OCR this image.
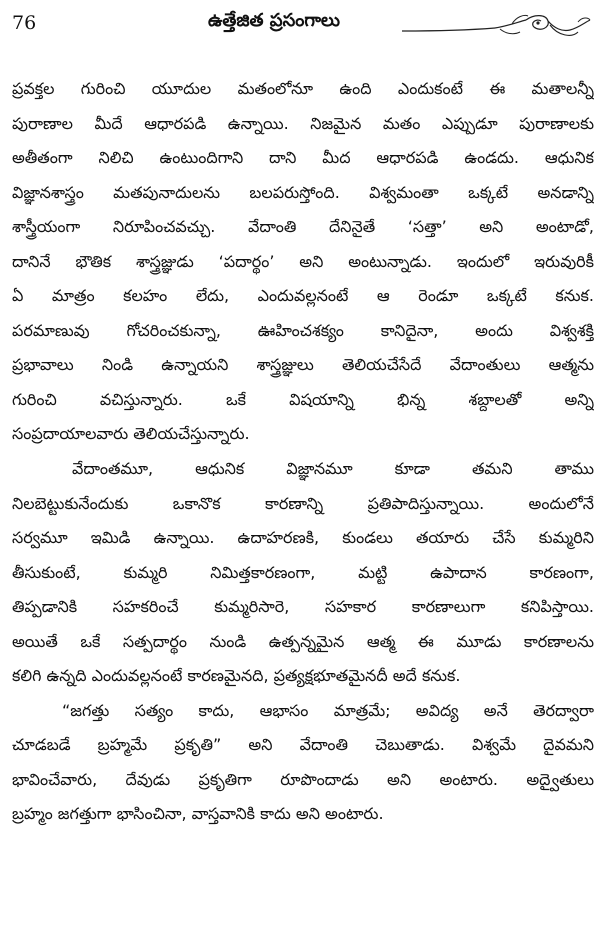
76	ఉత్తేజిత ప్రసంగాలు
ప్రవక్తల గురించి యూదుల మతంలోనూ ఉంది ఎందుకంటే ఈ మతాలన్నీ
పురాణాల మీదే ఆధారపడి ఉన్నాయి. నిజమైన మతం ఎప్పుడూ పురాణాలకు
అతీతంగా నిలిచి ఉంటుందిగాని దాని మీద ఆధారపడి ఉండదు. ఆధునిక
విజ్ఞానశాస్త్రం మతపునాదులను బలపరుస్తోంది. విశ్వమంతా ఒక్కటే అనడాన్ని
శాస్త్రీయంగా నిరూపించవచ్చు. వేదాంతి దేనినైతే ‘సత్తా’ అని అంటాడో,
దానినే భౌతిక శాస్త్రజ్ఞుడు ‘పదార్థం’ అని అంటున్నాడు. ఇందులో ఇరువురికీ
ఏ మాత్రం కలహం లేదు, ఎందువల్లనంటే ఆ రెండూ ఒక్కటే కనుక.
పరమాణువు గోచరించకున్నా, ఊహించశక్యం కానిదైనా, అందు విశ్వశక్తి
ప్రభావాలు నిండి ఉన్నాయని శాస్త్రజ్ఞులు తెలియచేసేదే వేదాంతులు ఆత్మను
గురించి వచిస్తున్నారు. ఒకే విషయాన్ని భిన్న శబ్దాలతో అన్ని
సంప్రదాయాలవారు తెలియచేస్తున్నారు.
వేదాంతమూ, ఆధునిక విజ్ఞానమూ కూడా తమని తాము
నిలబెట్టుకునేందుకు ఒకానొక కారణాన్ని ప్రతిపాదిస్తున్నాయి. అందులోనే
సర్వమూ ఇమిడి ఉన్నాయి. ఉదాహరణకి, కుండలు తయారు చేసే కుమ్మరిని
తీసుకుంటే, కుమ్మరి నిమిత్తకారణంగా, మట్టి ఉపాదాన కారణంగా,
తిప్పడానికి సహకరించే కుమ్మరిసారె, సహకార కారణాలుగా కనిపిస్తాయి.
అయితే ఒకే సత్పదార్థం నుండి ఉత్పన్నమైన ఆత్మ ఈ మూడు కారణాలను
కలిగి ఉన్నది ఎందువల్లనంటే కారణమైనది, ప్రత్యక్షభూతమైనదీ అదే కనుక.
“జగత్తు సత్యం కాదు, ఆభాసం మాత్రమే; అవిద్య అనే తెరద్వారా
చూడబడే బ్రహ్మమే ప్రకృతి” అని వేదాంతి చెబుతాడు. విశ్వమే దైవమని
భావించేవారు, దేవుడు ప్రకృతిగా రూపొందాడు అని అంటారు. అద్వైతులు
బ్రహ్మం జగత్తుగా భాసించినా, వాస్తవానికి కాదు అని అంటారు.
